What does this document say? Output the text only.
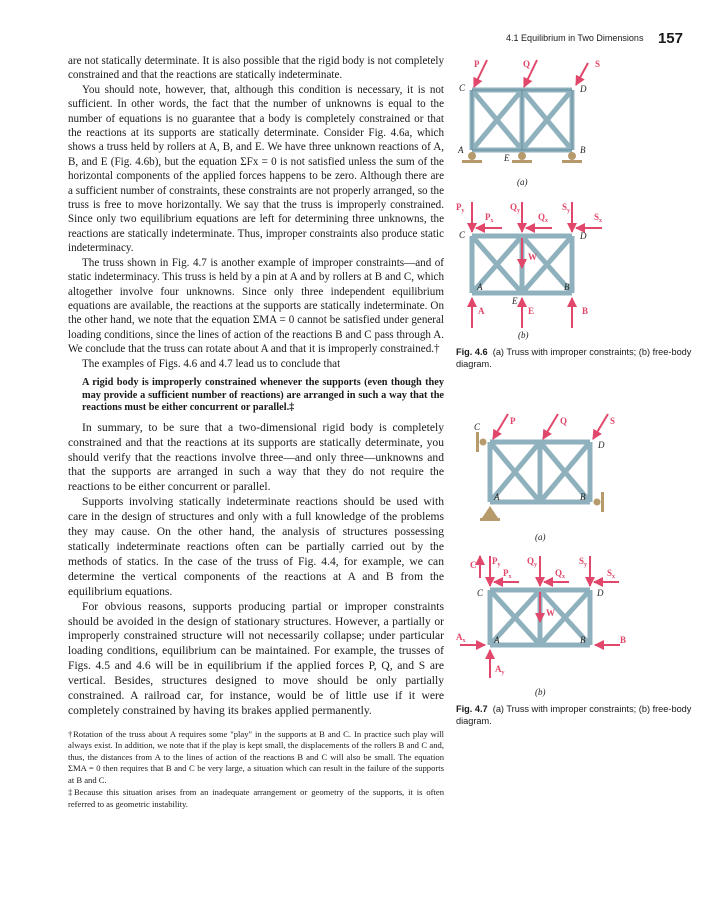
4.1 Equilibrium in Two Dimensions 157

are not statically determinate. It is also possible that the rigid body is not completely constrained and that the reactions are statically indeterminate.

You should note, however, that, although this condition is necessary, it is not sufficient. In other words, the fact that the number of unknowns is equal to the number of equations is no guarantee that a body is completely constrained or that the reactions at its supports are statically determinate. Consider Fig. 4.6a, which shows a truss held by rollers at A, B, and E. We have three unknown reactions of A, B, and E (Fig. 4.6b), but the equation ΣFx = 0 is not satisfied unless the sum of the horizontal components of the applied forces happens to be zero. Although there are a sufficient number of constraints, these constraints are not properly arranged, so the truss is free to move horizontally. We say that the truss is improperly constrained. Since only two equilibrium equations are left for determining three unknowns, the reactions are statically indeterminate. Thus, improper constraints also produce static indeterminacy.

The truss shown in Fig. 4.7 is another example of improper constraints—and of static indeterminacy. This truss is held by a pin at A and by rollers at B and C, which altogether involve four unknowns. Since only three independent equilibrium equations are available, the reactions at the supports are statically indeterminate. On the other hand, we note that the equation ΣMA = 0 cannot be satisfied under general loading conditions, since the lines of action of the reactions B and C pass through A. We conclude that the truss can rotate about A and that it is improperly constrained.†

The examples of Figs. 4.6 and 4.7 lead us to conclude that

A rigid body is improperly constrained whenever the supports (even though they may provide a sufficient number of reactions) are arranged in such a way that the reactions must be either concurrent or parallel.‡

In summary, to be sure that a two-dimensional rigid body is completely constrained and that the reactions at its supports are statically determinate, you should verify that the reactions involve three—and only three—unknowns and that the supports are arranged in such a way that they do not require the reactions to be either concurrent or parallel.

Supports involving statically indeterminate reactions should be used with care in the design of structures and only with a full knowledge of the problems they may cause. On the other hand, the analysis of structures possessing statically indeterminate reactions often can be partially carried out by the methods of statics. In the case of the truss of Fig. 4.4, for example, we can determine the vertical components of the reactions at A and B from the equilibrium equations.

For obvious reasons, supports producing partial or improper constraints should be avoided in the design of stationary structures. However, a partially or improperly constrained structure will not necessarily collapse; under particular loading conditions, equilibrium can be maintained. For example, the trusses of Figs. 4.5 and 4.6 will be in equilibrium if the applied forces P, Q, and S are vertical. Besides, structures designed to move should be only partially constrained. A railroad car, for instance, would be of little use if it were completely constrained by having its brakes applied permanently.

†Rotation of the truss about A requires some "play" in the supports at B and C. In practice such play will always exist. In addition, we note that if the play is kept small, the displacements of the rollers B and C and, thus, the distances from A to the lines of action of the reactions B and C will also be small. The equation ΣMA = 0 then requires that B and C be very large, a situation which can result in the failure of the supports at B and C.

‡Because this situation arises from an inadequate arrangement or geometry of the supports, it is often referred to as geometric instability.

C	D
A	B
E
(a)
P	Q	S
C	D
A	B
E
(b)
$P_y$
$P_x$
$Q_y$
$Q_x$
$S_y$
$S_x$
W
A	E	B
Fig. 4.6 (a) Truss with improper constraints; (b) free-body diagram.
C
D
A	B
(a)
P	Q	S
C	D
A	B
(b)
C $P_y$
$P_x$
$Q_y$
$Q_x$
$S_y$
$S_x$
W
$A_x$	B
$A_y$
Fig. 4.7 (a) Truss with improper constraints; (b) free-body diagram.
